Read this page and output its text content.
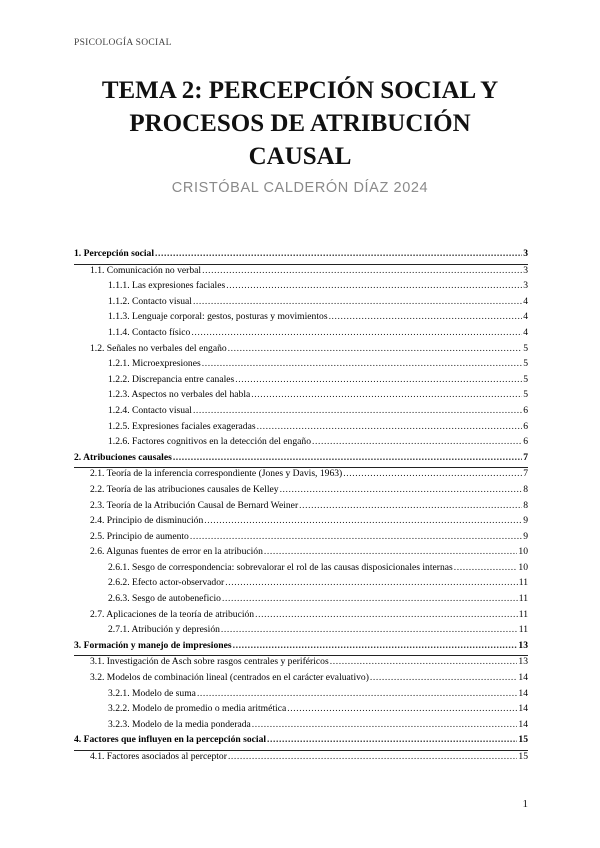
PSICOLOGÍA SOCIAL
TEMA 2: PERCEPCIÓN SOCIAL Y
PROCESOS DE ATRIBUCIÓN
CAUSAL
CRISTÓBAL CALDERÓN DÍAZ 2024
1. Percepción social .....	3
1.1. Comunicación no verbal .....	3
1.1.1. Las expresiones faciales .....	3
1.1.2. Contacto visual .....	4
1.1.3. Lenguaje corporal: gestos, posturas y movimientos .....	4
1.1.4. Contacto físico .....	4
1.2. Señales no verbales del engaño .....	5
1.2.1. Microexpresiones .....	5
1.2.2. Discrepancia entre canales .....	5
1.2.3. Aspectos no verbales del habla .....	5
1.2.4. Contacto visual .....	6
1.2.5. Expresiones faciales exageradas .....	6
1.2.6. Factores cognitivos en la detección del engaño .....	6
2. Atribuciones causales .....	7
2.1. Teoría de la inferencia correspondiente (Jones y Davis, 1963) .....	7
2.2. Teoría de las atribuciones causales de Kelley .....	8
2.3. Teoría de la Atribución Causal de Bernard Weiner .....	8
2.4. Principio de disminución .....	9
2.5. Principio de aumento .....	9
2.6. Algunas fuentes de error en la atribución .....	10
2.6.1. Sesgo de correspondencia: sobrevalorar el rol de las causas disposicionales internas .....	10
2.6.2. Efecto actor-observador .....	11
2.6.3. Sesgo de autobeneficio .....	11
2.7. Aplicaciones de la teoría de atribución .....	11
2.7.1. Atribución y depresión .....	11
3. Formación y manejo de impresiones .....	13
3.1. Investigación de Asch sobre rasgos centrales y periféricos .....	13
3.2. Modelos de combinación lineal (centrados en el carácter evaluativo) .....	14
3.2.1. Modelo de suma .....	14
3.2.2. Modelo de promedio o media aritmética .....	14
3.2.3. Modelo de la media ponderada .....	14
4. Factores que influyen en la percepción social .....	15
4.1. Factores asociados al perceptor .....	15
1
